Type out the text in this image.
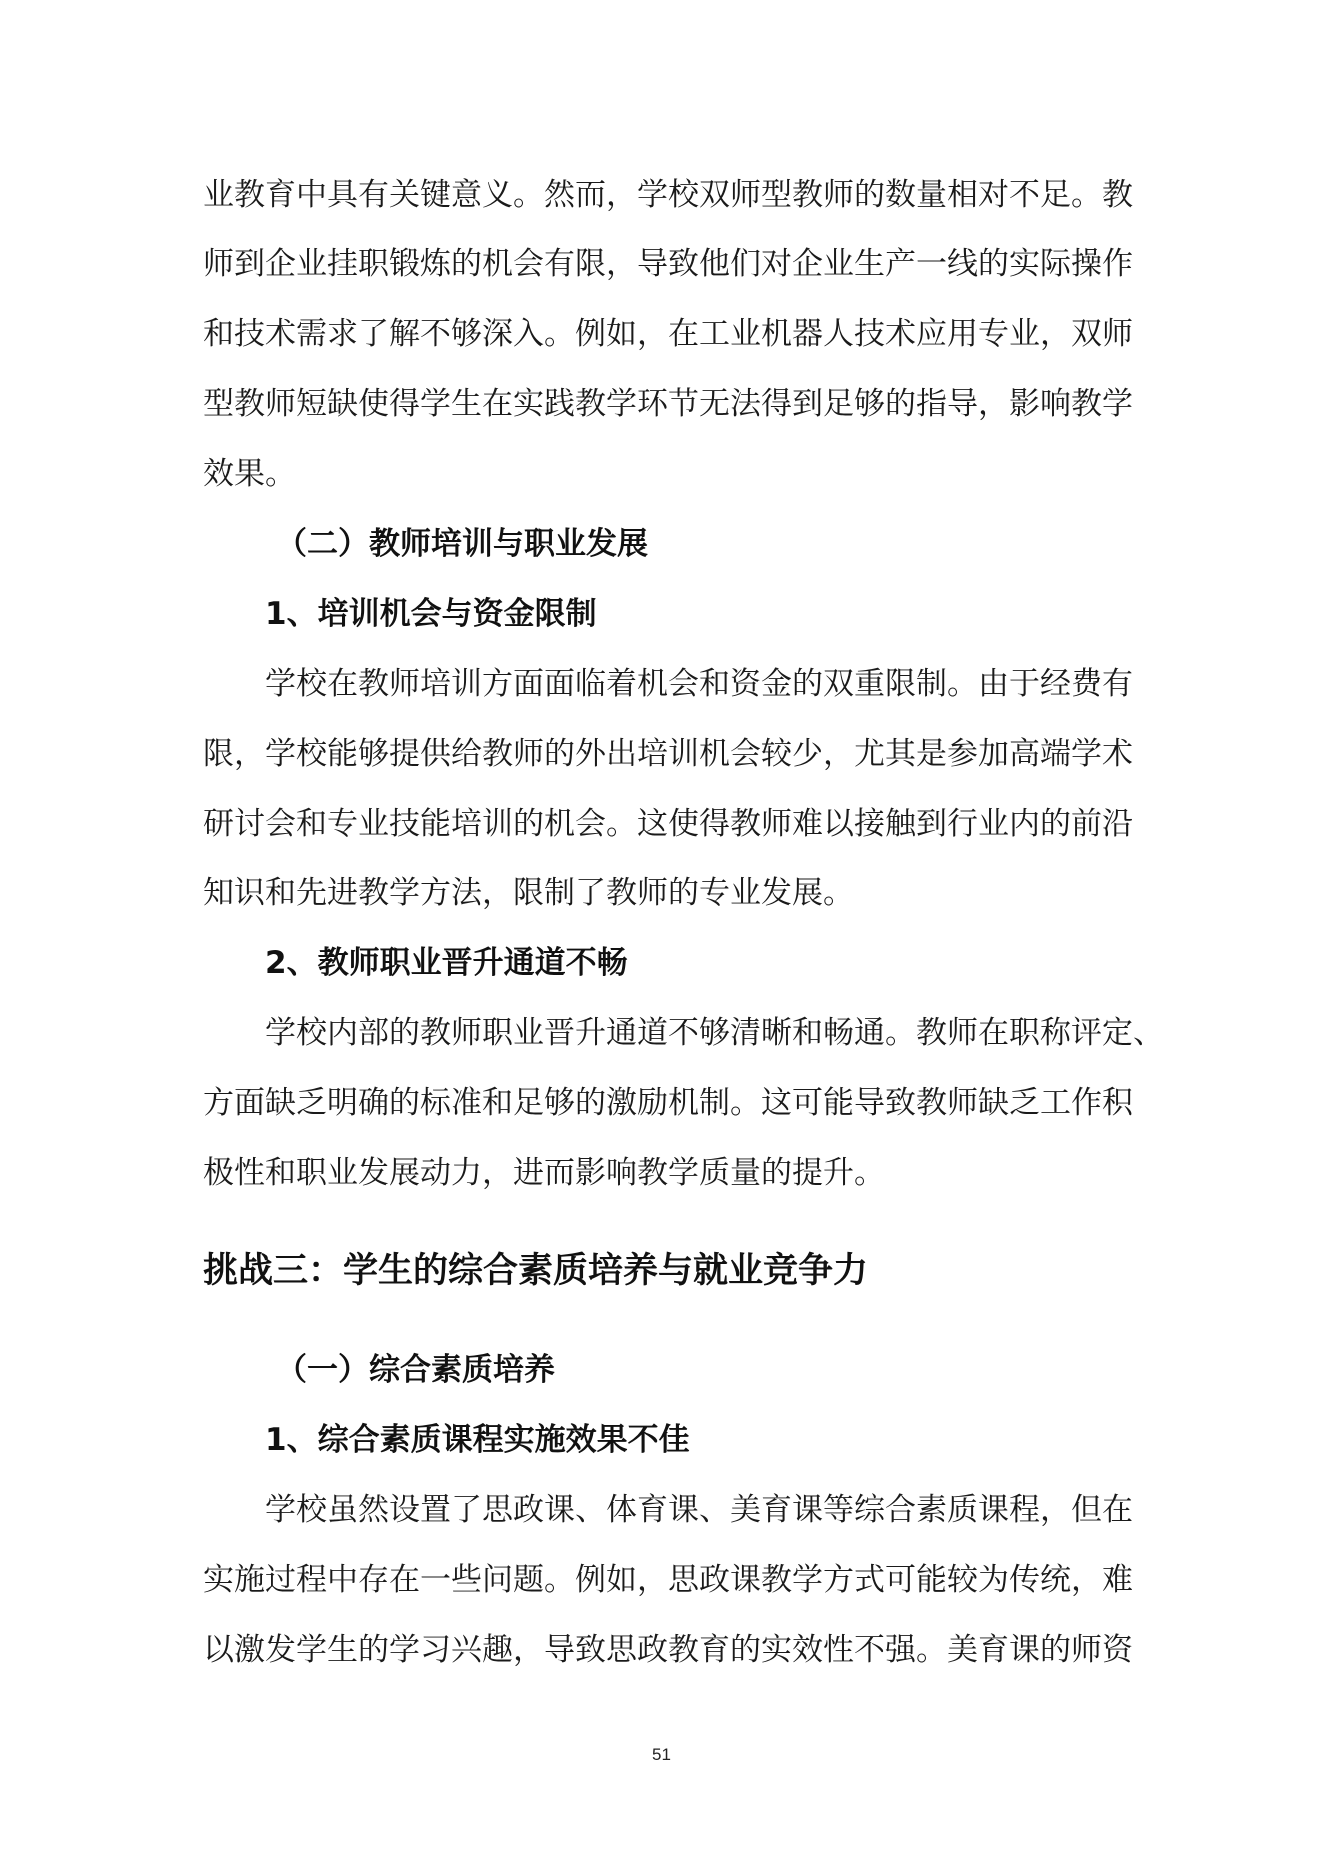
业教育中具有关键意义。然而，学校双师型教师的数量相对不足。教
师到企业挂职锻炼的机会有限，导致他们对企业生产一线的实际操作
和技术需求了解不够深入。例如，在工业机器人技术应用专业，双师
型教师短缺使得学生在实践教学环节无法得到足够的指导，影响教学
效果。
（二）教师培训与职业发展
1、培训机会与资金限制
学校在教师培训方面面临着机会和资金的双重限制。由于经费有
限，学校能够提供给教师的外出培训机会较少，尤其是参加高端学术
研讨会和专业技能培训的机会。这使得教师难以接触到行业内的前沿
知识和先进教学方法，限制了教师的专业发展。
2、教师职业晋升通道不畅
学校内部的教师职业晋升通道不够清晰和畅通。教师在职称评定、
方面缺乏明确的标准和足够的激励机制。这可能导致教师缺乏工作积
极性和职业发展动力，进而影响教学质量的提升。
挑战三：学生的综合素质培养与就业竞争力
（一）综合素质培养
1、综合素质课程实施效果不佳
学校虽然设置了思政课、体育课、美育课等综合素质课程，但在
实施过程中存在一些问题。例如，思政课教学方式可能较为传统，难
以激发学生的学习兴趣，导致思政教育的实效性不强。美育课的师资
51
